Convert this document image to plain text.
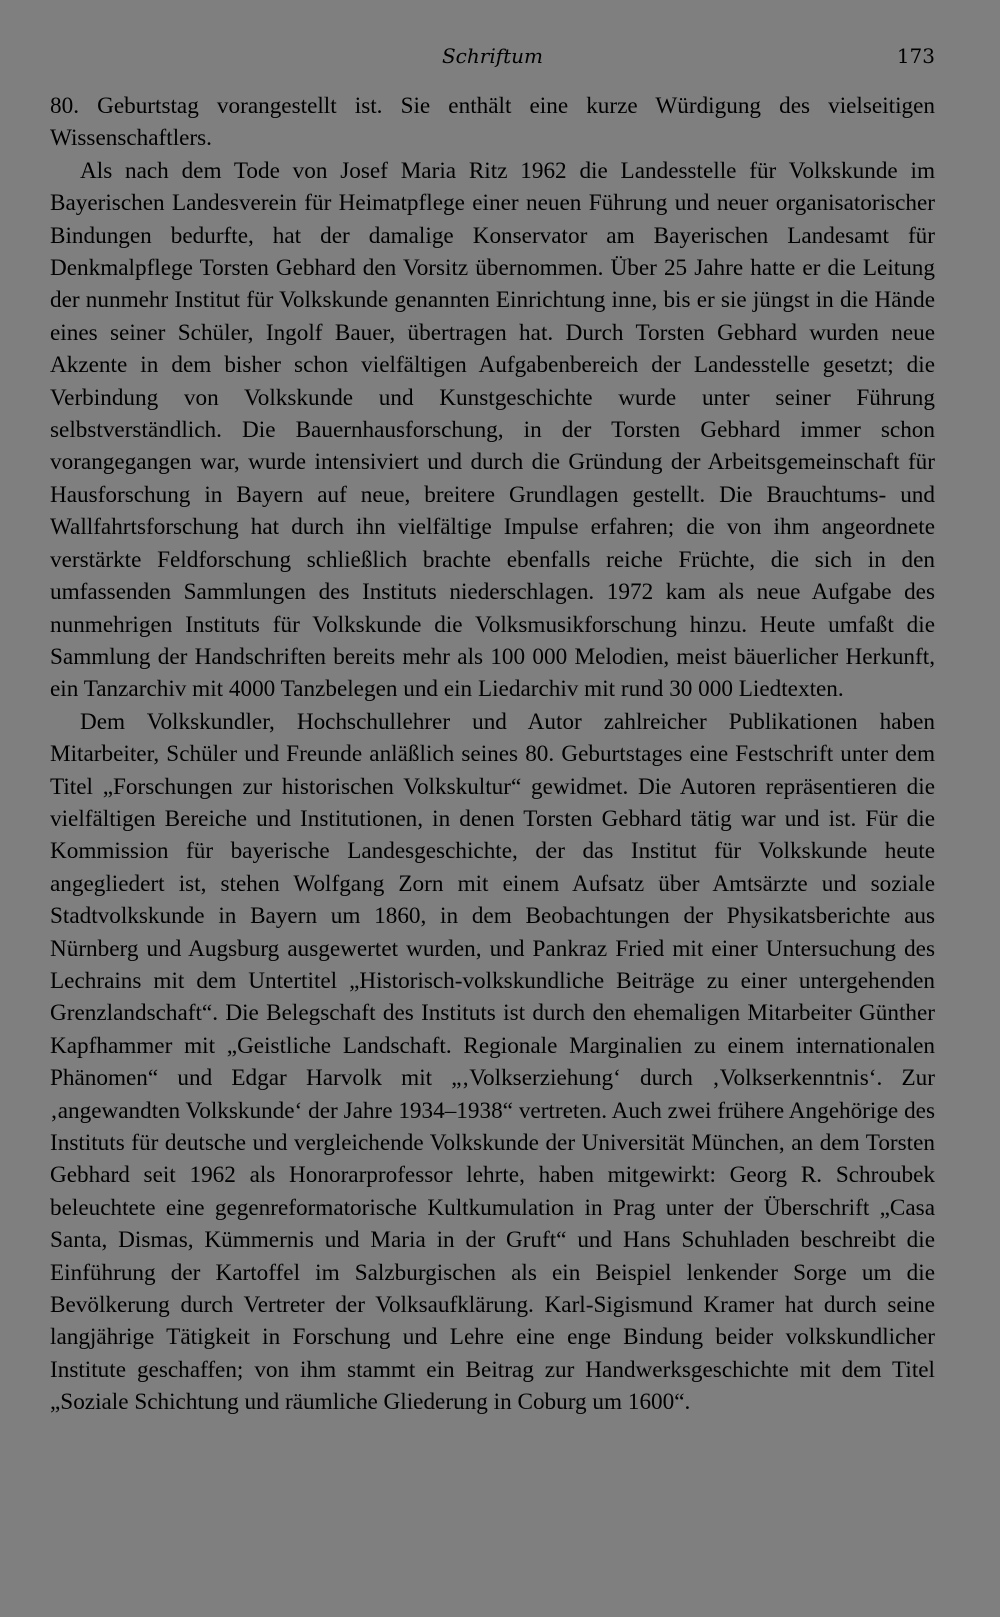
Schriftum	173

80. Geburtstag vorangestellt ist. Sie enthält eine kurze Würdigung des vielseitigen Wissenschaftlers.

Als nach dem Tode von Josef Maria Ritz 1962 die Landesstelle für Volkskunde im Bayerischen Landesverein für Heimatpflege einer neuen Führung und neuer organisatorischer Bindungen bedurfte, hat der damalige Konservator am Bayerischen Landesamt für Denkmalpflege Torsten Gebhard den Vorsitz übernommen. Über 25 Jahre hatte er die Leitung der nunmehr Institut für Volkskunde genannten Einrichtung inne, bis er sie jüngst in die Hände eines seiner Schüler, Ingolf Bauer, übertragen hat. Durch Torsten Gebhard wurden neue Akzente in dem bisher schon vielfältigen Aufgabenbereich der Landesstelle gesetzt; die Verbindung von Volkskunde und Kunstgeschichte wurde unter seiner Führung selbstverständlich. Die Bauernhausforschung, in der Torsten Gebhard immer schon vorangegangen war, wurde intensiviert und durch die Gründung der Arbeitsgemeinschaft für Hausforschung in Bayern auf neue, breitere Grundlagen gestellt. Die Brauchtums- und Wallfahrtsforschung hat durch ihn vielfältige Impulse erfahren; die von ihm angeordnete verstärkte Feldforschung schließlich brachte ebenfalls reiche Früchte, die sich in den umfassenden Sammlungen des Instituts niederschlagen. 1972 kam als neue Aufgabe des nunmehrigen Instituts für Volkskunde die Volksmusikforschung hinzu. Heute umfaßt die Sammlung der Handschriften bereits mehr als 100 000 Melodien, meist bäuerlicher Herkunft, ein Tanzarchiv mit 4000 Tanzbelegen und ein Liedarchiv mit rund 30 000 Liedtexten.

Dem Volkskundler, Hochschullehrer und Autor zahlreicher Publikationen haben Mitarbeiter, Schüler und Freunde anläßlich seines 80. Geburtstages eine Festschrift unter dem Titel „Forschungen zur historischen Volkskultur“ gewidmet. Die Autoren repräsentieren die vielfältigen Bereiche und Institutionen, in denen Torsten Gebhard tätig war und ist. Für die Kommission für bayerische Landesgeschichte, der das Institut für Volkskunde heute angegliedert ist, stehen Wolfgang Zorn mit einem Aufsatz über Amtsärzte und soziale Stadtvolkskunde in Bayern um 1860, in dem Beobachtungen der Physikatsberichte aus Nürnberg und Augsburg ausgewertet wurden, und Pankraz Fried mit einer Untersuchung des Lechrains mit dem Untertitel „Historisch-volkskundliche Beiträge zu einer untergehenden Grenzlandschaft“. Die Belegschaft des Instituts ist durch den ehemaligen Mitarbeiter Günther Kapfhammer mit „Geistliche Landschaft. Regionale Marginalien zu einem internationalen Phänomen“ und Edgar Harvolk mit „‚Volkserziehung‘ durch ‚Volkserkenntnis‘. Zur ‚angewandten Volkskunde‘ der Jahre 1934–1938“ vertreten. Auch zwei frühere Angehörige des Instituts für deutsche und vergleichende Volkskunde der Universität München, an dem Torsten Gebhard seit 1962 als Honorarprofessor lehrte, haben mitgewirkt: Georg R. Schroubek beleuchtete eine gegenreformatorische Kultkumulation in Prag unter der Überschrift „Casa Santa, Dismas, Kümmernis und Maria in der Gruft“ und Hans Schuhladen beschreibt die Einführung der Kartoffel im Salzburgischen als ein Beispiel lenkender Sorge um die Bevölkerung durch Vertreter der Volksaufklärung. Karl-Sigismund Kramer hat durch seine langjährige Tätigkeit in Forschung und Lehre eine enge Bindung beider volkskundlicher Institute geschaffen; von ihm stammt ein Beitrag zur Handwerksgeschichte mit dem Titel „Soziale Schichtung und räumliche Gliederung in Coburg um 1600“.
